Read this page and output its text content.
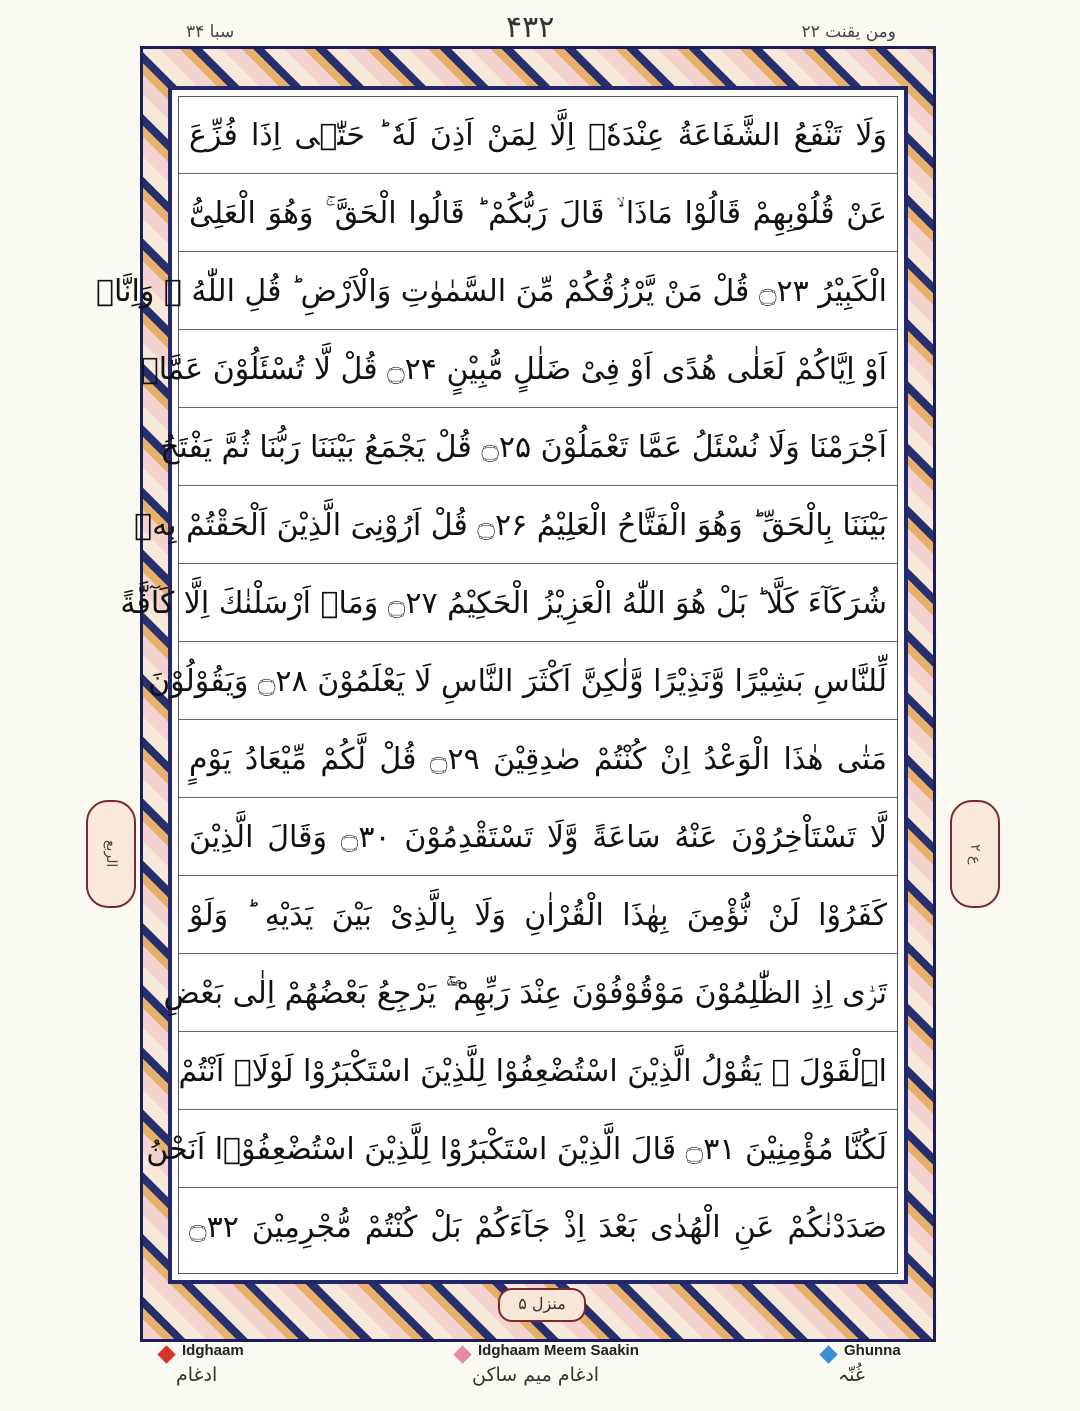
سبا ۳۴	۴۳۲	ومن یقنت ۲۲
وَلَا تَنْفَعُ الشَّفَاعَةُ عِنْدَهٗۤ اِلَّا لِمَنْ اَذِنَ لَهٗ ؕ حَتّٰۤى اِذَا فُزِّعَ
عَنْ قُلُوْبِهِمْ قَالُوْا مَاذَا ۙ قَالَ رَبُّكُمْ ؕ قَالُوا الْحَقَّ ۚ وَهُوَ الْعَلِىُّ
الْكَبِيْرُ ۝۲۳ قُلْ مَنْ يَّرْزُقُكُمْ مِّنَ السَّمٰوٰتِ وَالْاَرْضِ ؕ قُلِ اللّٰهُ ۙ وَاِنَّاۤ
اَوْ اِيَّاكُمْ لَعَلٰى هُدًى اَوْ فِىْ ضَلٰلٍ مُّبِيْنٍ ۝۲۴ قُلْ لَّا تُسْئَلُوْنَ عَمَّاۤ
اَجْرَمْنَا وَلَا نُسْئَلُ عَمَّا تَعْمَلُوْنَ ۝۲۵ قُلْ يَجْمَعُ بَيْنَنَا رَبُّنَا ثُمَّ يَفْتَحُ
بَيْنَنَا بِالْحَقِّ ؕ وَهُوَ الْفَتَّاحُ الْعَلِيْمُ ۝۲۶ قُلْ اَرُوْنِىَ الَّذِيْنَ اَلْحَقْتُمْ بِهٖ
شُرَكَآءَ كَلَّا ؕ بَلْ هُوَ اللّٰهُ الْعَزِيْزُ الْحَكِيْمُ ۝۲۷ وَمَاۤ اَرْسَلْنٰكَ اِلَّا كَآفَّةً
لِّلنَّاسِ بَشِيْرًا وَّنَذِيْرًا وَّلٰكِنَّ اَكْثَرَ النَّاسِ لَا يَعْلَمُوْنَ ۝۲۸ وَيَقُوْلُوْنَ
مَتٰى هٰذَا الْوَعْدُ اِنْ كُنْتُمْ صٰدِقِيْنَ ۝۲۹ قُلْ لَّكُمْ مِّيْعَادُ يَوْمٍ
لَّا تَسْتَاْخِرُوْنَ عَنْهُ سَاعَةً وَّلَا تَسْتَقْدِمُوْنَ ۝۳۰ وَقَالَ الَّذِيْنَ
كَفَرُوْا لَنْ نُّؤْمِنَ بِهٰذَا الْقُرْاٰنِ وَلَا بِالَّذِىْ بَيْنَ يَدَيْهِ ؕ وَلَوْ
تَرٰۤى اِذِ الظّٰلِمُوْنَ مَوْقُوْفُوْنَ عِنْدَ رَبِّهِمْ ۖۚ يَرْجِعُ بَعْضُهُمْ اِلٰى بَعْضِ
اِۨلْقَوْلَ ۚ يَقُوْلُ الَّذِيْنَ اسْتُضْعِفُوْا لِلَّذِيْنَ اسْتَكْبَرُوْا لَوْلَاۤ اَنْتُمْ
لَكُنَّا مُؤْمِنِيْنَ ۝۳۱ قَالَ الَّذِيْنَ اسْتَكْبَرُوْا لِلَّذِيْنَ اسْتُضْعِفُوْۤا اَنَحْنُ
صَدَدْنٰكُمْ عَنِ الْهُدٰى بَعْدَ اِذْ جَآءَكُمْ بَلْ كُنْتُمْ مُّجْرِمِيْنَ ۝۳۲
منزل ۵
الربع	ع ۲
Idghaam
ادغام
Idghaam Meem Saakin
ادغام میم ساکن
Ghunna
غُنّہ
